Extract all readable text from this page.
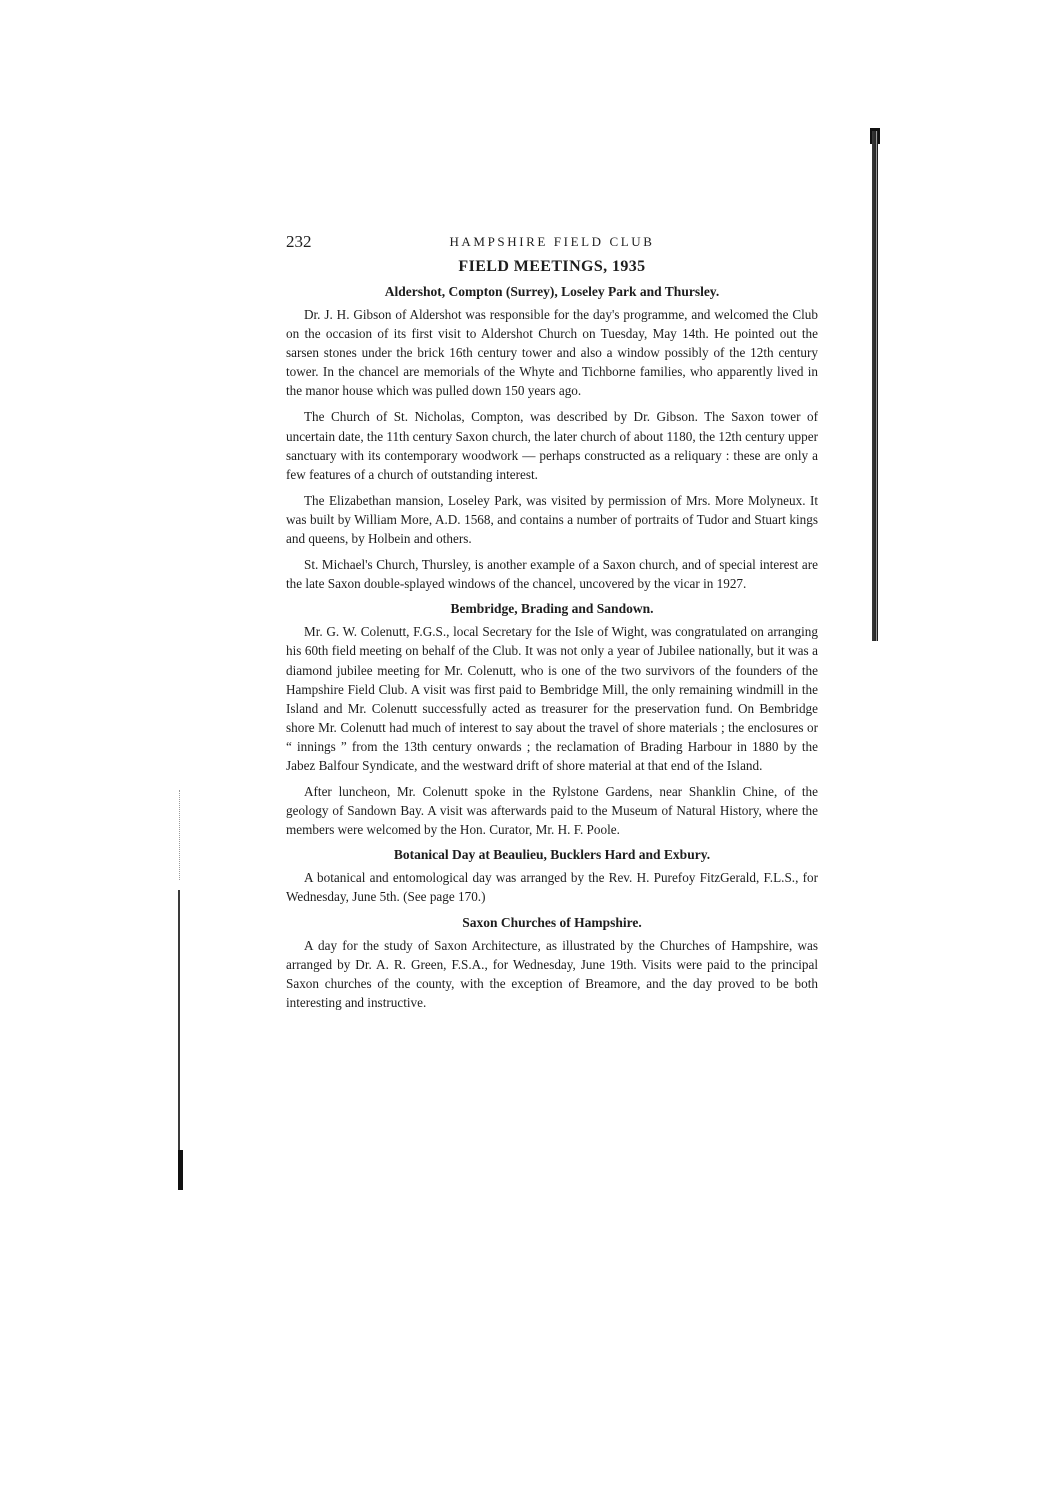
232	HAMPSHIRE FIELD CLUB
FIELD MEETINGS, 1935
Aldershot, Compton (Surrey), Loseley Park and Thursley.

Dr. J. H. Gibson of Aldershot was responsible for the day's programme, and welcomed the Club on the occasion of its first visit to Aldershot Church on Tuesday, May 14th. He pointed out the sarsen stones under the brick 16th century tower and also a window possibly of the 12th century tower. In the chancel are memorials of the Whyte and Tichborne families, who apparently lived in the manor house which was pulled down 150 years ago.

The Church of St. Nicholas, Compton, was described by Dr. Gibson. The Saxon tower of uncertain date, the 11th century Saxon church, the later church of about 1180, the 12th century upper sanctuary with its contemporary woodwork — perhaps constructed as a reliquary : these are only a few features of a church of outstanding interest.

The Elizabethan mansion, Loseley Park, was visited by permission of Mrs. More Molyneux. It was built by William More, A.D. 1568, and contains a number of portraits of Tudor and Stuart kings and queens, by Holbein and others.

St. Michael's Church, Thursley, is another example of a Saxon church, and of special interest are the late Saxon double-splayed windows of the chancel, uncovered by the vicar in 1927.

Bembridge, Brading and Sandown.

Mr. G. W. Colenutt, F.G.S., local Secretary for the Isle of Wight, was congratulated on arranging his 60th field meeting on behalf of the Club. It was not only a year of Jubilee nationally, but it was a diamond jubilee meeting for Mr. Colenutt, who is one of the two survivors of the founders of the Hampshire Field Club. A visit was first paid to Bembridge Mill, the only remaining windmill in the Island and Mr. Colenutt successfully acted as treasurer for the preservation fund. On Bembridge shore Mr. Colenutt had much of interest to say about the travel of shore materials ; the enclosures or “ innings ” from the 13th century onwards ; the reclamation of Brading Harbour in 1880 by the Jabez Balfour Syndicate, and the westward drift of shore material at that end of the Island.

After luncheon, Mr. Colenutt spoke in the Rylstone Gardens, near Shanklin Chine, of the geology of Sandown Bay. A visit was afterwards paid to the Museum of Natural History, where the members were welcomed by the Hon. Curator, Mr. H. F. Poole.

Botanical Day at Beaulieu, Bucklers Hard and Exbury.

A botanical and entomological day was arranged by the Rev. H. Purefoy FitzGerald, F.L.S., for Wednesday, June 5th. (See page 170.)

Saxon Churches of Hampshire.

A day for the study of Saxon Architecture, as illustrated by the Churches of Hampshire, was arranged by Dr. A. R. Green, F.S.A., for Wednesday, June 19th. Visits were paid to the principal Saxon churches of the county, with the exception of Breamore, and the day proved to be both interesting and instructive.
